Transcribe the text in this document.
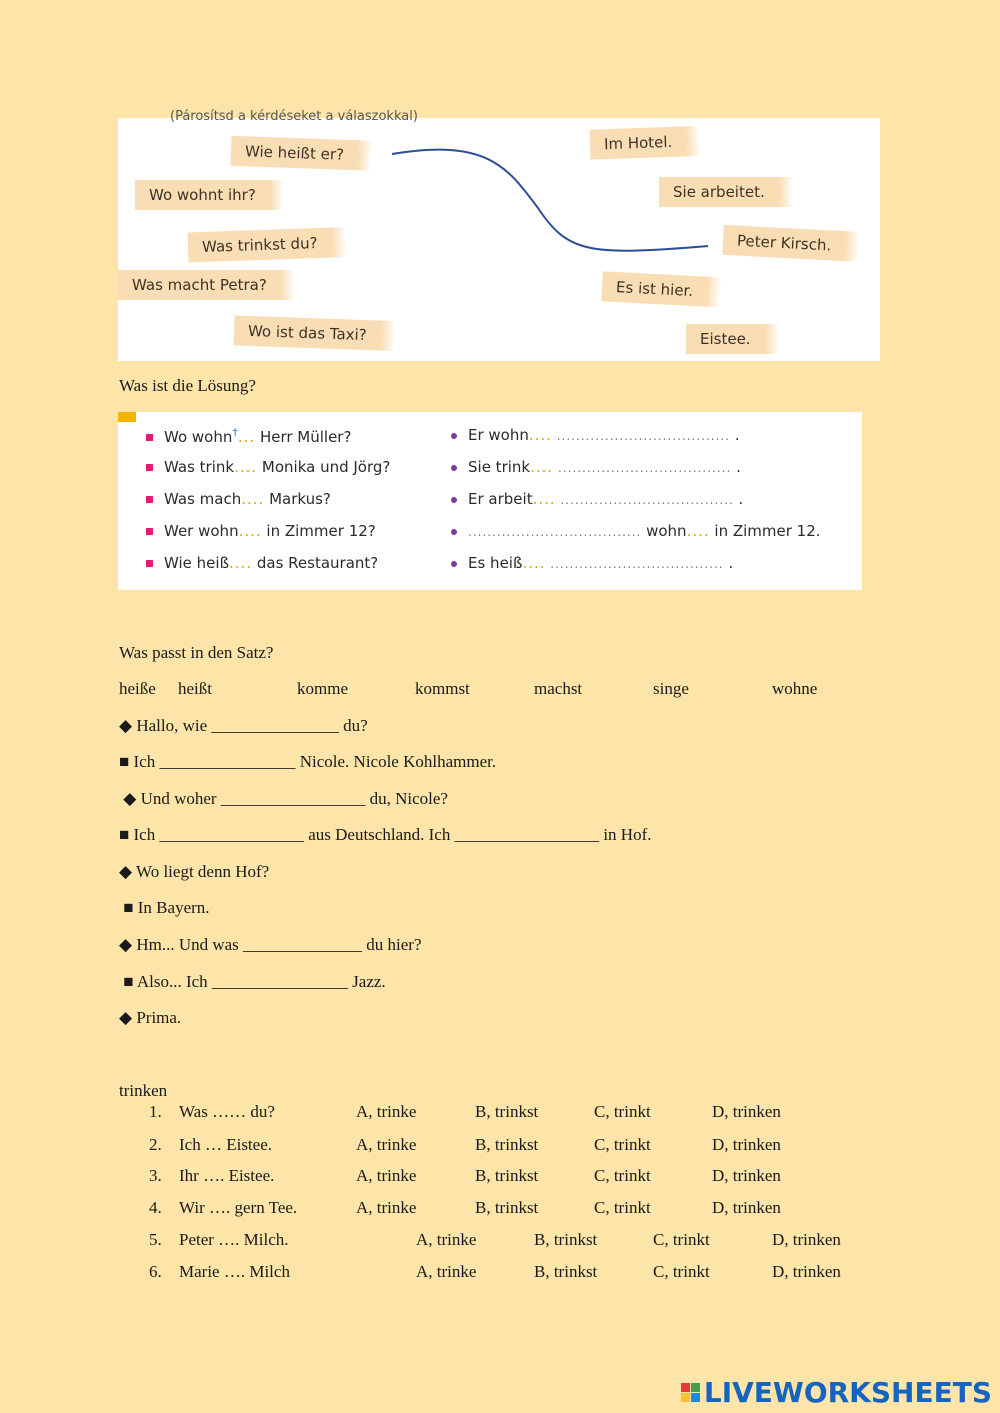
(Párosítsd a kérdéseket a válaszokkal)
Wie heißt er?
Wo wohnt ihr?
Was trinkst du?
Was macht Petra?
Wo ist das Taxi?
Im Hotel.
Sie arbeitet.
Peter Kirsch.
Es ist hier.
Eistee.
Was ist die Lösung?
Wo wohn†... Herr Müller?	Er wohn.... .................................... .
Was trink.... Monika und Jörg?	Sie trink.... .................................... .
Was mach.... Markus?	Er arbeit.... .................................... .
Wer wohn.... in Zimmer 12?	.................................... wohn.... in Zimmer 12.
Wie heiß.... das Restaurant?	Es heiß.... .................................... .
Was passt in den Satz?
heiße heißt	komme	kommst	machst	singe	wohne
◆ Hallo, wie _______________ du?
■ Ich ________________ Nicole. Nicole Kohlhammer.
◆ Und woher _________________ du, Nicole?
■ Ich _________________ aus Deutschland. Ich _________________ in Hof.
◆ Wo liegt denn Hof?
■ In Bayern.
◆ Hm... Und was ______________ du hier?
■ Also... Ich ________________ Jazz.
◆ Prima.
trinken
1. Was …… du?	A, trinke	B, trinkst	C, trinkt	D, trinken
2. Ich … Eistee.	A, trinke	B, trinkst	C, trinkt	D, trinken
3. Ihr …. Eistee.	A, trinke	B, trinkst	C, trinkt	D, trinken
4. Wir …. gern Tee.	A, trinke	B, trinkst	C, trinkt	D, trinken
5. Peter …. Milch.	A, trinke	B, trinkst	C, trinkt	D, trinken
6. Marie …. Milch	A, trinke	B, trinkst	C, trinkt	D, trinken
LIVEWORKSHEETS
